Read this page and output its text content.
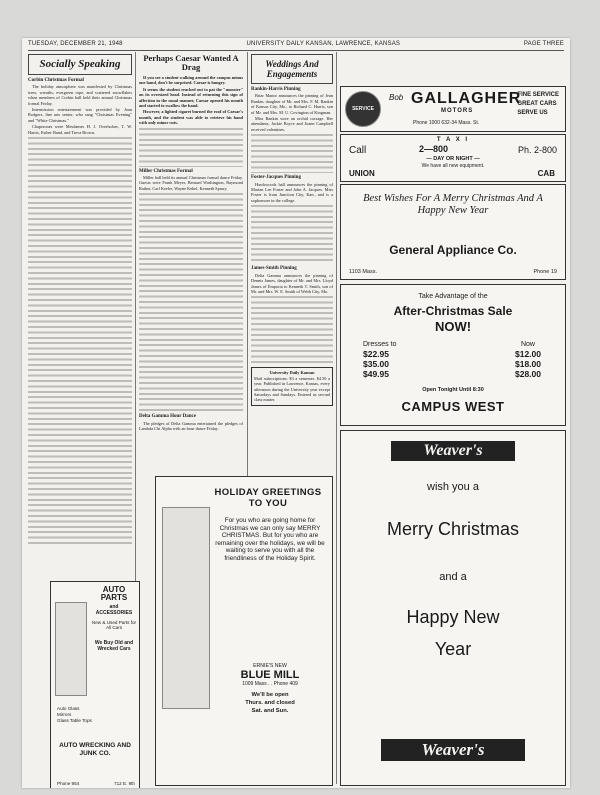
TUESDAY, DECEMBER 21, 1948	UNIVERSITY DAILY KANSAN, LAWRENCE, KANSAS	PAGE THREE
Socially Speaking
Corbin Christmas Formal

The holiday atmosphere was manifested by Christmas trees, wreaths, evergreen rope, and scattered snowflakes when members of Corbin hall held their annual Christmas formal Friday.

Intermission entertainment was provided by Joan Rodgers, fine arts senior, who sang "Christmas Evening" and "White Christmas."

Chaperones were Mesdames H. J. Overholser, T. W. Harris, Esther Band, and Treva Brown.

AUTO PARTS
and ACCESSORIES
New & Used Parts for All Cars
We Buy Old and Wrecked Cars
Auto Glass
Mirrors
Glass Table Tops
AUTO WRECKING AND JUNK CO.
Phone 954	712 E. 9th
Perhaps Caesar Wanted A Drag

If you see a student walking around the campus minus one hand, don't be surprised. Caesar is hungry.

It seems the student reached out to pat the "monster" on its oversized head. Instead of returning this sign of affection in the usual manner, Caesar opened his mouth and started to swallow the hand.

However, a lighted cigaret burned the roof of Caesar's mouth, and the student was able to retrieve his hand with only minor cuts.

Miller Christmas Formal

Miller hall held its annual Christmas formal dance Friday. Guests were Frank Meyer, Bernard Washington, Raymond Rather, Carl Keeler, Wayne Kekel, Kenneth Sparry.

Delta Gamma Hour Dance

The pledges of Delta Gamma entertained the pledges of Lambda Chi Alpha with an hour dance Friday.

HOLIDAY GREETINGS
TO YOU
For you who are going home for Christmas we can only say MERRY CHRISTMAS. But for you who are remaining over the holidays, we will be waiting to serve you with all the friendliness of the Holiday Spirit.
ERNIE'S NEW
BLUE MILL
1009 Mass . . Phone 409
We'll be open
Thurs. and closed
Sat. and Sun.
Weddings And Engagements
Rankin-Harris Pinning

Briar Manor announces the pinning of Jean Rankin, daughter of Mr. and Mrs. F. M. Rankin of Kansas City, Mo., to Richard C. Harris, son of Mr. and Mrs. M. U. Covington of Kingman.

Miss Rankin wore an orchid corsage. Her attendants, Jackie Boyce and Joann Campbell received valentines.

Foster-Jacques Pinning

Hawkwoods hall announces the pinning of Marian Lee Foster and John A. Jacques. Miss Foster is from Junction City, Kan., and is a sophomore in the college.

James-Smith Pinning

Delta Gamma announces the pinning of Dennis James, daughter of Mr. and Mrs. Lloyd James of Emporia to Kenneth T. Smith, son of Mr. and Mrs. W. E. Smith of Webb City, Mo.

University Daily Kansan
Mail subscriptions: $3 a semester, $4.50 a year. Published in Lawrence, Kansas, every afternoon during the University year except Saturdays and Sundays. Entered as second class matter.
SERVICE
Bob GALLAGHER
MOTORS
Phone 1000 632-34 Mass. St.
FINE SERVICE
GREAT CARS
SERVE US
T A X I
Call	2—800	Ph. 2-800
— DAY OR NIGHT —
We have all new equipment.
UNION	CAB
Best Wishes For A Merry Christmas And A Happy New Year
General Appliance Co.
1103 Mass.	Phone 19
Take Advantage of the
After-Christmas Sale
NOW!
Dresses to	Now
$22.95	$12.00
$35.00	$18.00
$49.95	$28.00
Open Tonight Until 8:30
CAMPUS WEST
Weaver's
wish you a
Merry Christmas
and a
Happy New
Year
Weaver's
